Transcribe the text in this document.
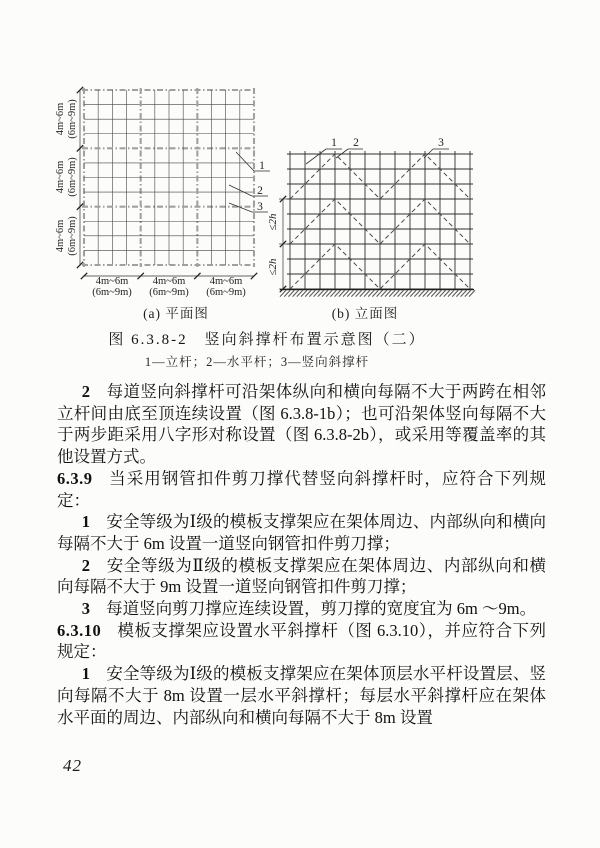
4m~6m (6m~9m)
4m~6m (6m~9m)
4m~6m (6m~9m)
4m~6m
(6m~9m)
4m~6m
(6m~9m)
4m~6m
(6m~9m)
1
2
3
1 2	3
≤2h
≤2h
(a) 平面图	(b) 立面图
图 6.3.8-2　竖向斜撑杆布置示意图（二）
1—立杆；2—水平杆；3—竖向斜撑杆

2 每道竖向斜撑杆可沿架体纵向和横向每隔不大于两跨在相邻立杆间由底至顶连续设置（图 6.3.8-1b）；也可沿架体竖向每隔不大于两步距采用八字形对称设置（图 6.3.8-2b），或采用等覆盖率的其他设置方式。

6.3.9 当采用钢管扣件剪刀撑代替竖向斜撑杆时，应符合下列规定：

1 安全等级为Ⅰ级的模板支撑架应在架体周边、内部纵向和横向每隔不大于 6m 设置一道竖向钢管扣件剪刀撑；

2 安全等级为Ⅱ级的模板支撑架应在架体周边、内部纵向和横向每隔不大于 9m 设置一道竖向钢管扣件剪刀撑；

3 每道竖向剪刀撑应连续设置，剪刀撑的宽度宜为 6m ～9m。

6.3.10 模板支撑架应设置水平斜撑杆（图 6.3.10），并应符合下列规定：

1 安全等级为Ⅰ级的模板支撑架应在架体顶层水平杆设置层、竖向每隔不大于 8m 设置一层水平斜撑杆；每层水平斜撑杆应在架体水平面的周边、内部纵向和横向每隔不大于 8m 设置

42
